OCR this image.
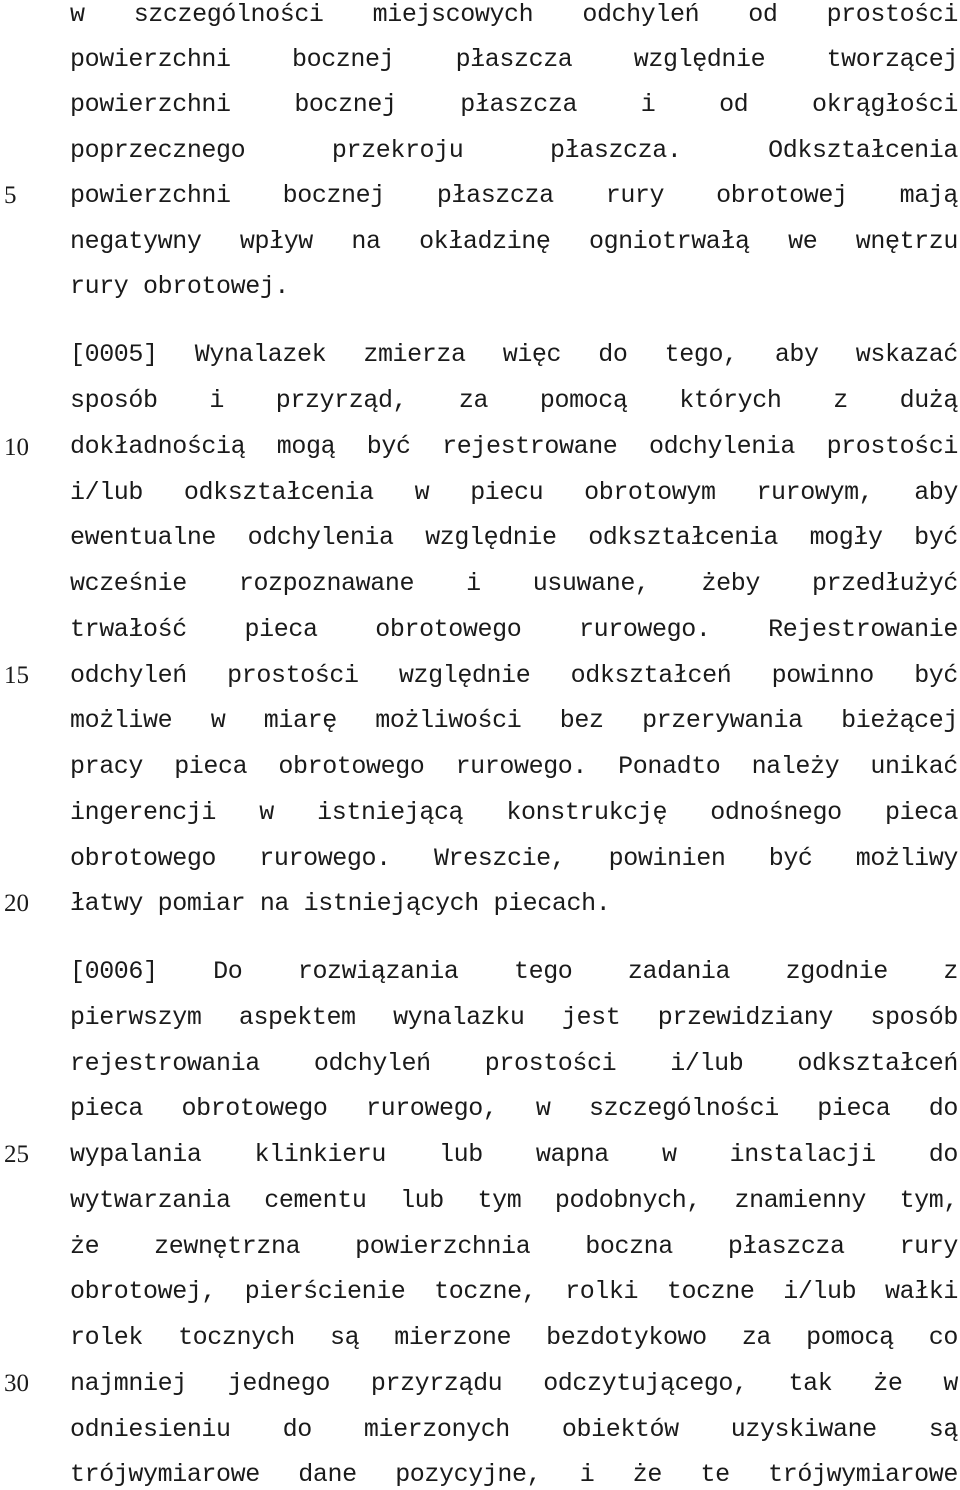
5
10
15
20
25
30
w szczególności miejscowych odchyleń od prostości
powierzchni bocznej płaszcza względnie tworzącej
powierzchni bocznej płaszcza i od okrągłości
poprzecznego przekroju płaszcza. Odkształcenia
powierzchni bocznej płaszcza rury obrotowej mają
negatywny wpływ na okładzinę ogniotrwałą we wnętrzu
rury obrotowej.
[0005] Wynalazek zmierza więc do tego, aby wskazać
sposób i przyrząd, za pomocą których z dużą
dokładnością mogą być rejestrowane odchylenia prostości
i/lub odkształcenia w piecu obrotowym rurowym, aby
ewentualne odchylenia względnie odkształcenia mogły być
wcześnie rozpoznawane i usuwane, żeby przedłużyć
trwałość pieca obrotowego rurowego. Rejestrowanie
odchyleń prostości względnie odkształceń powinno być
możliwe w miarę możliwości bez przerywania bieżącej
pracy pieca obrotowego rurowego. Ponadto należy unikać
ingerencji w istniejącą konstrukcję odnośnego pieca
obrotowego rurowego. Wreszcie, powinien być możliwy
łatwy pomiar na istniejących piecach.
[0006] Do rozwiązania tego zadania zgodnie z
pierwszym aspektem wynalazku jest przewidziany sposób
rejestrowania odchyleń prostości i/lub odkształceń
pieca obrotowego rurowego, w szczególności pieca do
wypalania klinkieru lub wapna w instalacji do
wytwarzania cementu lub tym podobnych, znamienny tym,
że zewnętrzna powierzchnia boczna płaszcza rury
obrotowej, pierścienie toczne, rolki toczne i/lub wałki
rolek tocznych są mierzone bezdotykowo za pomocą co
najmniej jednego przyrządu odczytującego, tak że w
odniesieniu do mierzonych obiektów uzyskiwane są
trójwymiarowe dane pozycyjne, i że te trójwymiarowe
